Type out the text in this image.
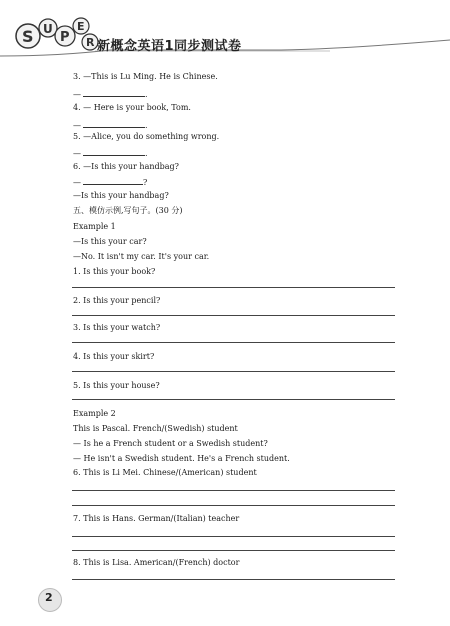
S U
P
E
R 新概念英语1同步测试卷
3. —This is Lu Ming. He is Chinese.
—	.
4. — Here is your book, Tom.
—	.
5. —Alice, you do something wrong.
—	.
6. —Is this your handbag?
—	?
—Is this your handbag?
五、模仿示例,写句子。(30 分)
Example 1
—Is this your car?
—No. It isn't my car. It's your car.
1. Is this your book?
2. Is this your pencil?
3. Is this your watch?
4. Is this your skirt?
5. Is this your house?
Example 2
This is Pascal. French/(Swedish) student
— Is he a French student or a Swedish student?
— He isn't a Swedish student. He's a French student.
6. This is Li Mei. Chinese/(American) student
7. This is Hans. German/(Italian) teacher
8. This is Lisa. American/(French) doctor
2
